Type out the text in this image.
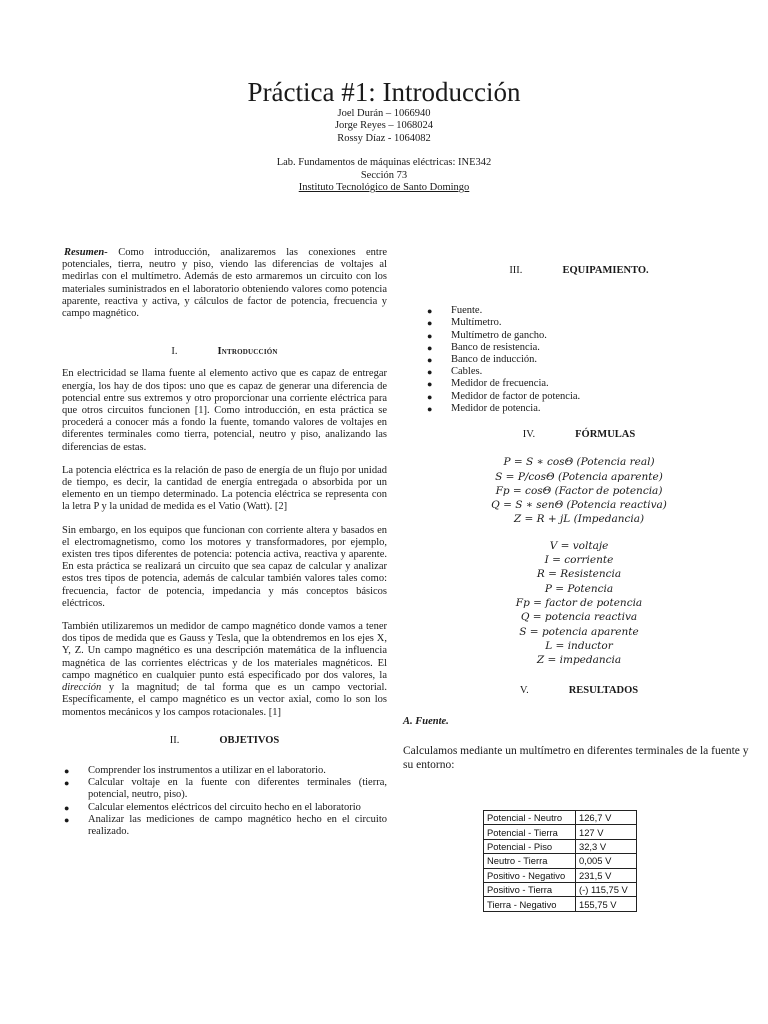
Práctica #1: Introducción
Joel Durán – 1066940
Jorge Reyes – 1068024
Rossy Díaz - 1064082
Lab. Fundamentos de máquinas eléctricas: INE342
Sección 73
Instituto Tecnológico de Santo Domingo

Resumen- Como introducción, analizaremos las conexiones entre potenciales, tierra, neutro y piso, viendo las diferencias de voltajes al medirlas con el multímetro. Además de esto armaremos un circuito con los materiales suministrados en el laboratorio obteniendo valores como potencia aparente, reactiva y activa, y cálculos de factor de potencia, frecuencia y campo magnético.

I.	Introducción

En electricidad se llama fuente al elemento activo que es capaz de entregar energía, los hay de dos tipos: uno que es capaz de generar una diferencia de potencial entre sus extremos y otro proporcionar una corriente eléctrica para que otros circuitos funcionen [1]. Como introducción, en esta práctica se procederá a conocer más a fondo la fuente, tomando valores de voltajes en diferentes terminales como tierra, potencial, neutro y piso, analizando las diferencias de estas.

La potencia eléctrica es la relación de paso de energía de un flujo por unidad de tiempo, es decir, la cantidad de energía entregada o absorbida por un elemento en un tiempo determinado. La potencia eléctrica se representa con la letra P y la unidad de medida es el Vatio (Watt). [2]

Sin embargo, en los equipos que funcionan con corriente altera y basados en el electromagnetismo, como los motores y transformadores, por ejemplo, existen tres tipos diferentes de potencia: potencia activa, reactiva y aparente. En esta práctica se realizará un circuito que sea capaz de calcular y analizar estos tres tipos de potencia, además de calcular también valores tales como: frecuencia, factor de potencia, impedancia y más conceptos básicos eléctricos.

También utilizaremos un medidor de campo magnético donde vamos a tener dos tipos de medida que es Gauss y Tesla, que la obtendremos en los ejes X, Y, Z. Un campo magnético es una descripción matemática de la influencia magnética de las corrientes eléctricas y de los materiales magnéticos. El campo magnético en cualquier punto está especificado por dos valores, la dirección y la magnitud; de tal forma que es un campo vectorial. Específicamente, el campo magnético es un vector axial, como lo son los momentos mecánicos y los campos rotacionales. [1]

II.	OBJETIVOS
● Comprender los instrumentos a utilizar en el laboratorio.
● Calcular voltaje en la fuente con diferentes terminales (tierra, potencial, neutro, piso).
● Calcular elementos eléctricos del circuito hecho en el laboratorio
● Analizar las mediciones de campo magnético hecho en el circuito realizado.
III.	EQUIPAMIENTO.
● Fuente.
● Multímetro.
● Multímetro de gancho.
● Banco de resistencia.
● Banco de inducción.
● Cables.
● Medidor de frecuencia.
● Medidor de factor de potencia.
● Medidor de potencia.
IV.	FÓRMULAS
P = S ∗ cosΘ (Potencia real)
S = P/cosΘ (Potencia aparente)
Fp = cosΘ (Factor de potencia)
Q = S ∗ senΘ (Potencia reactiva)
Z = R + jL (Impedancia)
V = voltaje
I = corriente
R = Resistencia
P = Potencia
Fp = factor de potencia
Q = potencia reactiva
S = potencia aparente
L = inductor
Z = impedancia
V.	RESULTADOS
A. Fuente.

Calculamos mediante un multímetro en diferentes terminales de la fuente y su entorno:

Potencial - Neutro	126,7 V
Potencial - Tierra	127 V
Potencial - Piso	32,3 V
Neutro - Tierra	0,005 V
Positivo - Negativo	231,5 V
Positivo - Tierra	(-) 115,75 V
Tierra - Negativo	155,75 V
